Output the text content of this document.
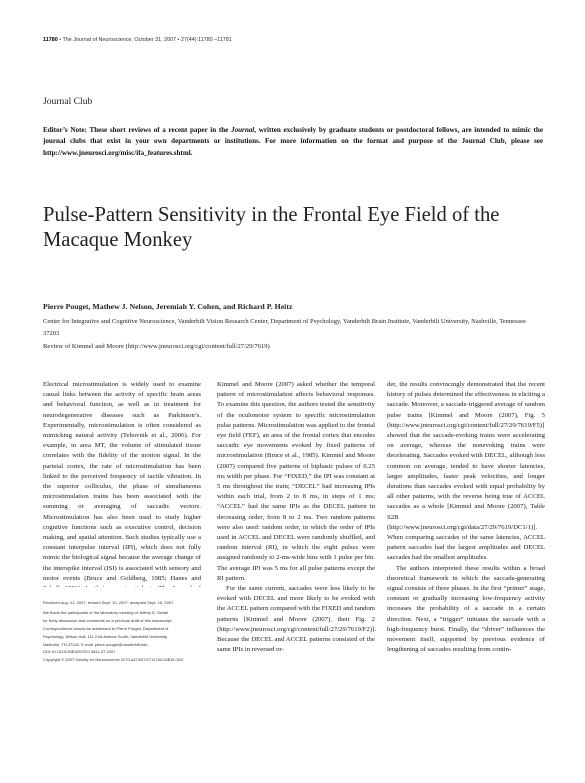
11780 • The Journal of Neuroscience, October 31, 2007 • 27(44):11780 –11781
Journal Club
Editor’s Note: These short reviews of a recent paper in the Journal, written exclusively by graduate students or postdoctoral fellows, are intended to mimic the journal clubs that exist in your own departments or institutions. For more information on the format and purpose of the Journal Club, please see http://www.jneurosci.org/misc/ifa_features.shtml.
Pulse-Pattern Sensitivity in the Frontal Eye Field of the Macaque Monkey
Pierre Pouget, Mathew J. Nelson, Jeremiah Y. Cohen, and Richard P. Heitz
Center for Integrative and Cognitive Neuroscience, Vanderbilt Vision Research Center, Department of Psychology, Vanderbilt Brain Institute, Vanderbilt University, Nashville, Tennessee 37203
Review of Kimmel and Moore (http://www.jneurosci.org/cgi/content/full/27/29/7619)

Electrical microstimulation is widely used to examine causal links between the activity of specific brain areas and behavioral function, as well as in treatment for neurodegenerative diseases such as Parkinson’s. Experimentally, microstimulation is often considered as mimicking natural activity (Tehovnik et al., 2006). For example, in area MT, the volume of stimulated tissue correlates with the fidelity of the motion signal. In the parietal cortex, the rate of microstimulation has been linked to the perceived frequency of tactile vibration. In the superior colliculus, the phase of simultaneous microstimulation trains has been associated with the summing or averaging of saccadic vectors. Microstimulation has also been used to study higher cognitive functions such as executive control, decision making, and spatial attention. Such studies typically use a constant interpulse interval (IPI), which does not fully mimic the biological signal because the average change of the interspike interval (ISI) is associated with sensory and motor events (Bruce and Goldberg, 1985; Hanes and

Kimmel and Moore (2007) asked whether the temporal pattern of microstimulation affects behavioral responses. To examine this question, the authors tested the sensitivity of the oculomotor system to specific microstimulation pulse patterns. Microstimulation was applied to the frontal eye field (FEF), an area of the frontal cortex that encodes saccadic eye movements evoked by fixed patterns of microstimulation (Bruce et al., 1985). Kimmel and Moore (2007) compared five patterns of biphasic pulses of 0.25 ms width per phase. For “FIXED,” the IPI was constant at 5 ms throughout the train; “DECEL” had increasing IPIs within each trial, from 2 to 8 ms, in steps of 1 ms; “ACCEL” had the same IPIs as the DECEL pattern in decreasing order, from 8 to 2 ms. Two random patterns were also used: random order, in which the order of IPIs used in ACCEL and DECEL were randomly shuffled, and random interval (RI), in which the eight pulses were assigned randomly to 2-ms-wide bins with 1 pulse per bin. The average IPI was 5 ms for all pulse patterns except the RI pattern.

For the same current, saccades were less likely to be evoked with DECEL and more likely to be evoked with the ACCEL pattern compared with the FIXED and random patterns [Kimmel and Moore (2007), their Fig. 2 (http://www.jneurosci.org/cgi/content/full/27/29/7619/F2)]. Because the DECEL and ACCEL patterns consisted of the same IPIs in reversed or-

der, the results convincingly demonstrated that the recent history of pulses determined the effectiveness in eliciting a saccade. Moreover, a saccade-triggered average of random pulse trains [Kimmel and Moore (2007), Fig. 5 (http://www.jneurosci.org/cgi/content/full/27/29/7619/F5)] showed that the saccade-evoking trains were accelerating on average, whereas the nonevoking trains were decelerating. Saccades evoked with DECEL, although less common on average, tended to have shorter latencies, larger amplitudes, faster peak velocities, and longer durations than saccades evoked with equal probability by all other patterns, with the reverse being true of ACCEL saccades as a whole [Kimmel and Moore (2007), Table S2B (http://www.jneurosci.org/cgi/data/27/29/7619/DC1/1)]. When comparing saccades of the same latencies, ACCEL pattern saccades had the largest amplitudes and DECEL saccades had the smallest amplitudes.

The authors interpreted these results within a broad theoretical framework in which the saccade-generating signal consists of three phases. In the first “primer” stage, constant or gradually increasing low-frequency activity increases the probability of a saccade in a certain direction. Next, a “trigger” initiates the saccade with a high-frequency burst. Finally, the “driver” influences the movement itself, supported by previous evidence of lengthening of saccades resulting from contin-

Received Aug. 21, 2007; revised Sept. 10, 2007; accepted Sept. 16, 2007.
We thank the participants of the laboratory meeting of Jeffrey D. Schall
for lively discussion and comments on a previous draft of this manuscript.
Correspondence should be addressed to Pierre Pouget, Department of
Psychology, Wilson Hall, 111 21st Avenue South, Vanderbilt University,
Nashville, TN 37240. E-mail: pierre.pouget@vanderbilt.edu.
DOI:10.1523/JNEUROSCI.3811-07.2007
Copyright © 2007 Society for Neuroscience 0270-6474/07/2711780-02$15.00/0
